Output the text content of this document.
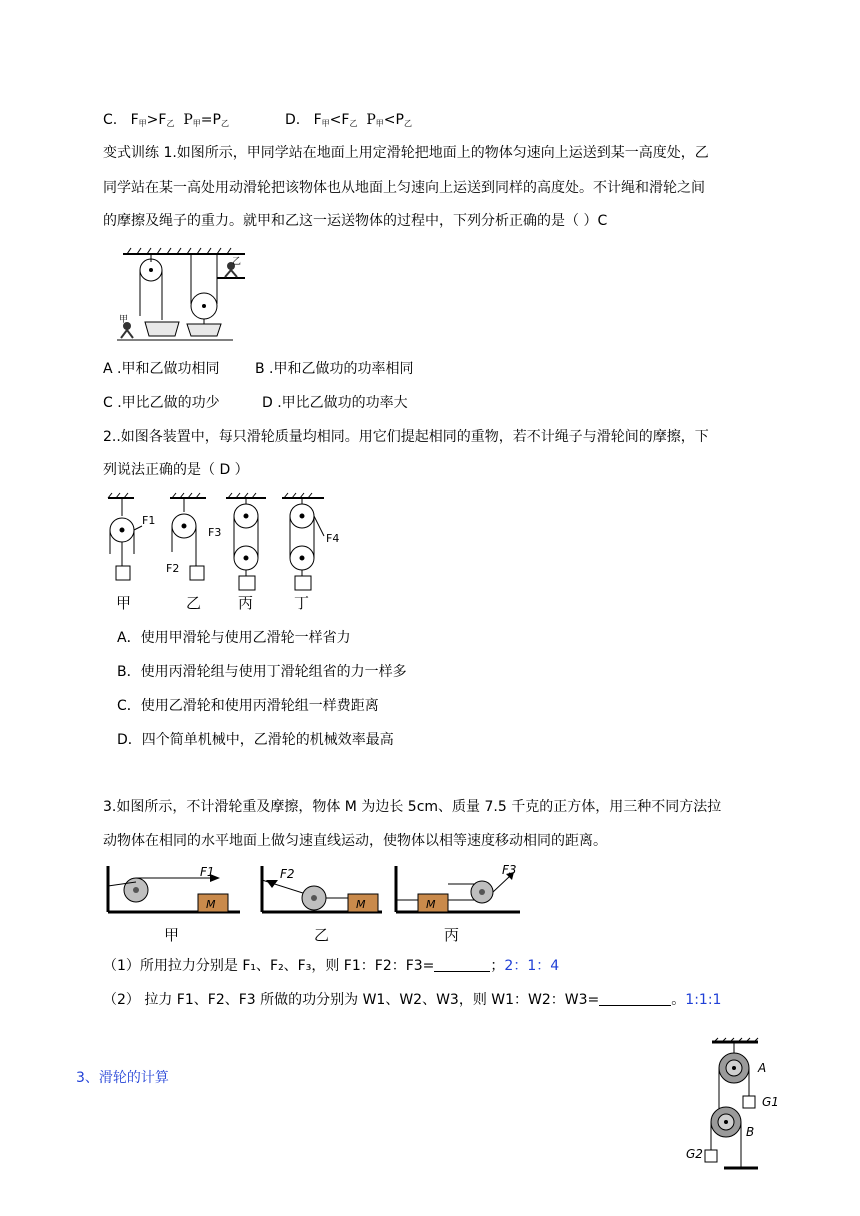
C. $F_甲>F_乙$ $P_甲=P_乙$	D. $F_甲<F_乙$ $P_甲<P_乙$
变式训练 1.如图所示，甲同学站在地面上用定滑轮把地面上的物体匀速向上运送到某一高度处，乙
同学站在某一高处用动滑轮把该物体也从地面上匀速向上运送到同样的高度处。不计绳和滑轮之间
的摩擦及绳子的重力。就甲和乙这一运送物体的过程中，下列分析正确的是（ ）C
乙
甲
A .甲和乙做功相同	B .甲和乙做功的功率相同
C .甲比乙做的功少	D .甲比乙做功的功率大
2..如图各装置中，每只滑轮质量均相同。用它们提起相同的重物，若不计绳子与滑轮间的摩擦，下
列说法正确的是（ D ）
F1
F2
F3	F4
甲	乙 丙	丁
A．使用甲滑轮与使用乙滑轮一样省力
B．使用丙滑轮组与使用丁滑轮组省的力一样多
C．使用乙滑轮和使用丙滑轮组一样费距离
D．四个简单机械中，乙滑轮的机械效率最高
3.如图所示，不计滑轮重及摩擦，物体 M 为边长 5cm、质量 7.5 千克的正方体，用三种不同方法拉
动物体在相同的水平地面上做匀速直线运动，使物体以相等速度移动相同的距离。
M
F1
M
F2
M
F3
甲	乙	丙
（1）所用拉力分别是 F₁、F₂、F₃，则 F1：F2：F3=	；2：1：4
（2） 拉力 F1、F2、F3 所做的功分别为 W1、W2、W3，则 W1：W2：W3=	。1:1:1
3、滑轮的计算
A
G1
B
G2
